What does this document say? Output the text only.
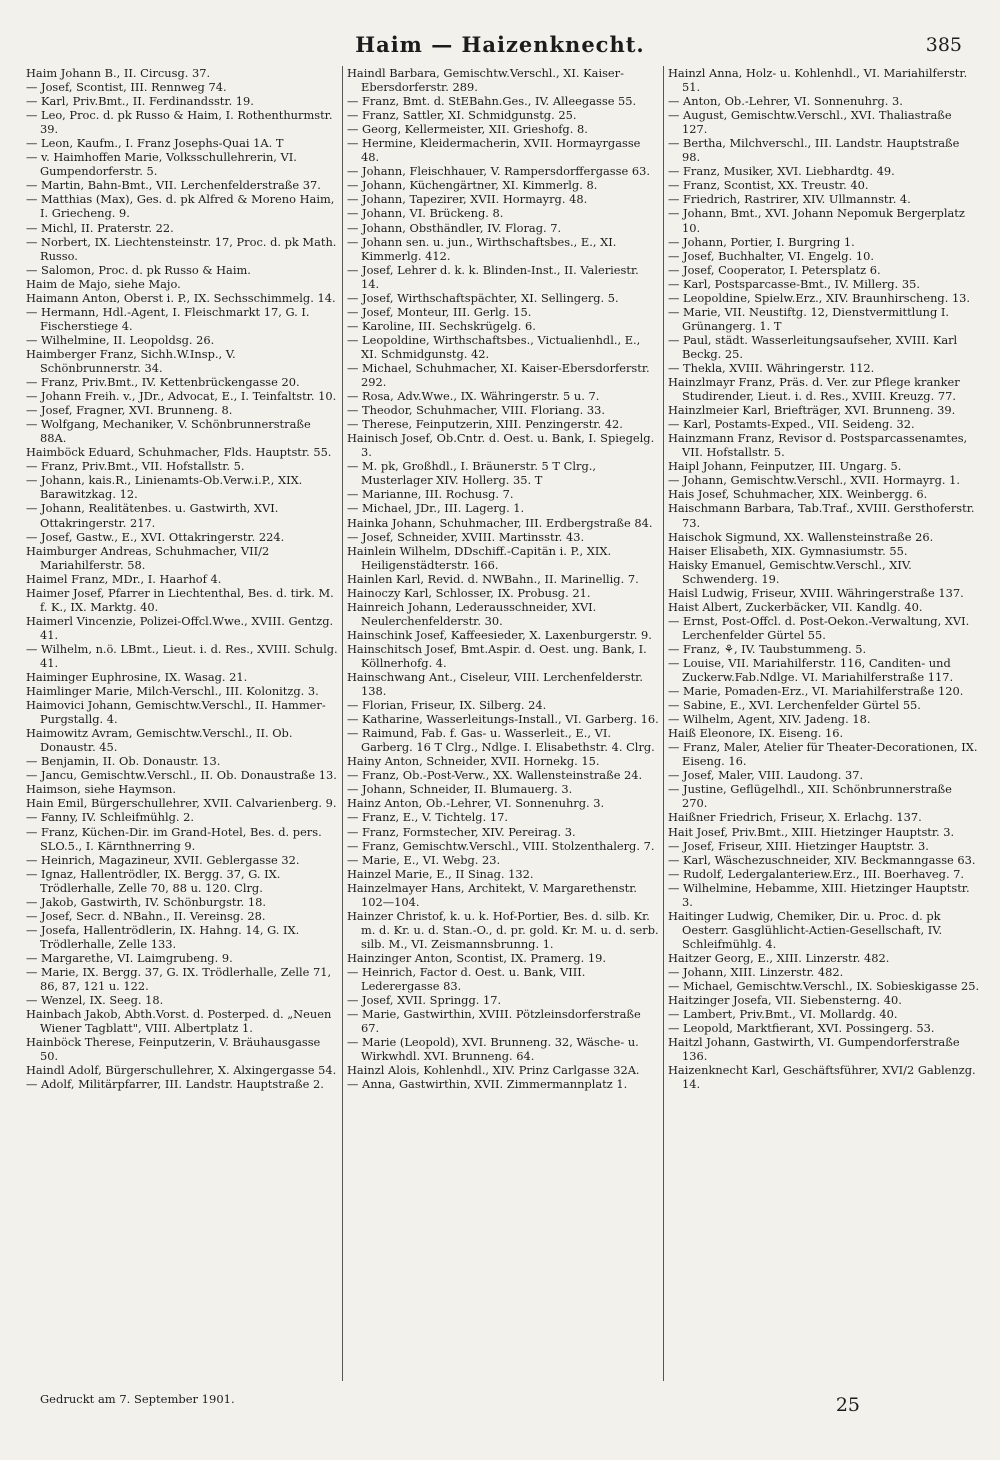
Haim — Haizenknecht.	385

Haim Johann B., II. Circusg. 37.

— Josef, Scontist, III. Rennweg 74.

— Karl, Priv.Bmt., II. Ferdinandsstr. 19.

— Leo, Proc. d. pk Russo & Haim, I. Rothenthurmstr. 39.

— Leon, Kaufm., I. Franz Josephs-Quai 1A. T

— v. Haimhoffen Marie, Volksschullehrerin, VI. Gumpendorferstr. 5.

— Martin, Bahn-Bmt., VII. Lerchenfelderstraße 37.

— Matthias (Max), Ges. d. pk Alfred & Moreno Haim, I. Griecheng. 9.

— Michl, II. Praterstr. 22.

— Norbert, IX. Liechtensteinstr. 17, Proc. d. pk Math. Russo.

— Salomon, Proc. d. pk Russo & Haim.

Haim de Majo, siehe Majo.

Haimann Anton, Oberst i. P., IX. Sechsschimmelg. 14.

— Hermann, Hdl.-Agent, I. Fleischmarkt 17, G. I. Fischerstiege 4.

— Wilhelmine, II. Leopoldsg. 26.

Haimberger Franz, Sichh.W.Insp., V. Schönbrunnerstr. 34.

— Franz, Priv.Bmt., IV. Kettenbrückengasse 20.

— Johann Freih. v., JDr., Advocat, E., I. Teinfaltstr. 10.

— Josef, Fragner, XVI. Brunneng. 8.

— Wolfgang, Mechaniker, V. Schönbrunnerstraße 88A.

Haimböck Eduard, Schuhmacher, Flds. Hauptstr. 55.

— Franz, Priv.Bmt., VII. Hofstallstr. 5.

— Johann, kais.R., Linienamts-Ob.Verw.i.P., XIX. Barawitzkag. 12.

— Johann, Realitätenbes. u. Gastwirth, XVI. Ottakringerstr. 217.

— Josef, Gastw., E., XVI. Ottakringerstr. 224.

Haimburger Andreas, Schuhmacher, VII/2 Mariahilferstr. 58.

Haimel Franz, MDr., I. Haarhof 4.

Haimer Josef, Pfarrer in Liechtenthal, Bes. d. tirk. M. f. K., IX. Marktg. 40.

Haimerl Vincenzie, Polizei-Offcl.Wwe., XVIII. Gentzg. 41.

— Wilhelm, n.ö. LBmt., Lieut. i. d. Res., XVIII. Schulg. 41.

Haiminger Euphrosine, IX. Wasag. 21.

Haimlinger Marie, Milch-Verschl., III. Kolonitzg. 3.

Haimovici Johann, Gemischtw.Verschl., II. Hammer-Purgstallg. 4.

Haimowitz Avram, Gemischtw.Verschl., II. Ob. Donaustr. 45.

— Benjamin, II. Ob. Donaustr. 13.

— Jancu, Gemischtw.Verschl., II. Ob. Donaustraße 13.

Haimson, siehe Haymson.

Hain Emil, Bürgerschullehrer, XVII. Calvarienberg. 9.

— Fanny, IV. Schleifmühlg. 2.

— Franz, Küchen-Dir. im Grand-Hotel, Bes. d. pers. SLO.5., I. Kärnthnerring 9.

— Heinrich, Magazineur, XVII. Geblergasse 32.

— Ignaz, Hallentrödler, IX. Bergg. 37, G. IX. Trödlerhalle, Zelle 70, 88 u. 120. Clrg.

— Jakob, Gastwirth, IV. Schönburgstr. 18.

— Josef, Secr. d. NBahn., II. Vereinsg. 28.

— Josefa, Hallentrödlerin, IX. Hahng. 14, G. IX. Trödlerhalle, Zelle 133.

— Margarethe, VI. Laimgrubeng. 9.

— Marie, IX. Bergg. 37, G. IX. Trödlerhalle, Zelle 71, 86, 87, 121 u. 122.

— Wenzel, IX. Seeg. 18.

Hainbach Jakob, Abth.Vorst. d. Posterped. d. „Neuen Wiener Tagblatt", VIII. Albertplatz 1.

Hainböck Therese, Feinputzerin, V. Bräuhausgasse 50.

Haindl Adolf, Bürgerschullehrer, X. Alxingergasse 54.

— Adolf, Militärpfarrer, III. Landstr. Hauptstraße 2.

Haindl Barbara, Gemischtw.Verschl., XI. Kaiser-Ebersdorferstr. 289.

— Franz, Bmt. d. StEBahn.Ges., IV. Alleegasse 55.

— Franz, Sattler, XI. Schmidgunstg. 25.

— Georg, Kellermeister, XII. Grieshofg. 8.

— Hermine, Kleidermacherin, XVII. Hormayrgasse 48.

— Johann, Fleischhauer, V. Rampersdorffergasse 63.

— Johann, Küchengärtner, XI. Kimmerlg. 8.

— Johann, Tapezirer, XVII. Hormayrg. 48.

— Johann, VI. Brückeng. 8.

— Johann, Obsthändler, IV. Florag. 7.

— Johann sen. u. jun., Wirthschaftsbes., E., XI. Kimmerlg. 412.

— Josef, Lehrer d. k. k. Blinden-Inst., II. Valeriestr. 14.

— Josef, Wirthschaftspächter, XI. Sellingerg. 5.

— Josef, Monteur, III. Gerlg. 15.

— Karoline, III. Sechskrügelg. 6.

— Leopoldine, Wirthschaftsbes., Victualienhdl., E., XI. Schmidgunstg. 42.

— Michael, Schuhmacher, XI. Kaiser-Ebersdorferstr. 292.

— Rosa, Adv.Wwe., IX. Währingerstr. 5 u. 7.

— Theodor, Schuhmacher, VIII. Floriang. 33.

— Therese, Feinputzerin, XIII. Penzingerstr. 42.

Hainisch Josef, Ob.Cntr. d. Oest. u. Bank, I. Spiegelg. 3.

— M. pk, Großhdl., I. Bräunerstr. 5 T Clrg., Musterlager XIV. Hollerg. 35. T

— Marianne, III. Rochusg. 7.

— Michael, JDr., III. Lagerg. 1.

Hainka Johann, Schuhmacher, III. Erdbergstraße 84.

— Josef, Schneider, XVIII. Martinsstr. 43.

Hainlein Wilhelm, DDschiff.-Capitän i. P., XIX. Heiligenstädterstr. 166.

Hainlen Karl, Revid. d. NWBahn., II. Marinellig. 7.

Hainoczy Karl, Schlosser, IX. Probusg. 21.

Hainreich Johann, Lederausschneider, XVI. Neulerchenfelderstr. 30.

Hainschink Josef, Kaffeesieder, X. Laxenburgerstr. 9.

Hainschitsch Josef, Bmt.Aspir. d. Oest. ung. Bank, I. Köllnerhofg. 4.

Hainschwang Ant., Ciseleur, VIII. Lerchenfelderstr. 138.

— Florian, Friseur, IX. Silberg. 24.

— Katharine, Wasserleitungs-Install., VI. Garberg. 16.

— Raimund, Fab. f. Gas- u. Wasserleit., E., VI. Garberg. 16 T Clrg., Ndlge. I. Elisabethstr. 4. Clrg.

Hainy Anton, Schneider, XVII. Hornekg. 15.

— Franz, Ob.-Post-Verw., XX. Wallensteinstraße 24.

— Johann, Schneider, II. Blumauerg. 3.

Hainz Anton, Ob.-Lehrer, VI. Sonnenuhrg. 3.

— Franz, E., V. Tichtelg. 17.

— Franz, Formstecher, XIV. Pereirag. 3.

— Franz, Gemischtw.Verschl., VIII. Stolzenthalerg. 7.

— Marie, E., VI. Webg. 23.

Hainzel Marie, E., II Sinag. 132.

Hainzelmayer Hans, Architekt, V. Margarethenstr. 102—104.

Hainzer Christof, k. u. k. Hof-Portier, Bes. d. silb. Kr. m. d. Kr. u. d. Stan.-O., d. pr. gold. Kr. M. u. d. serb. silb. M., VI. Zeismannsbrunng. 1.

Hainzinger Anton, Scontist, IX. Pramerg. 19.

— Heinrich, Factor d. Oest. u. Bank, VIII. Lederergasse 83.

— Josef, XVII. Springg. 17.

— Marie, Gastwirthin, XVIII. Pötzleinsdorferstraße 67.

— Marie (Leopold), XVI. Brunneng. 32, Wäsche- u. Wirkwhdl. XVI. Brunneng. 64.

Hainzl Alois, Kohlenhdl., XIV. Prinz Carlgasse 32A.

— Anna, Gastwirthin, XVII. Zimmermannplatz 1.

Hainzl Anna, Holz- u. Kohlenhdl., VI. Mariahilferstr. 51.

— Anton, Ob.-Lehrer, VI. Sonnenuhrg. 3.

— August, Gemischtw.Verschl., XVI. Thaliastraße 127.

— Bertha, Milchverschl., III. Landstr. Hauptstraße 98.

— Franz, Musiker, XVI. Liebhardtg. 49.

— Franz, Scontist, XX. Treustr. 40.

— Friedrich, Rastrirer, XIV. Ullmannstr. 4.

— Johann, Bmt., XVI. Johann Nepomuk Bergerplatz 10.

— Johann, Portier, I. Burgring 1.

— Josef, Buchhalter, VI. Engelg. 10.

— Josef, Cooperator, I. Petersplatz 6.

— Karl, Postsparcasse-Bmt., IV. Millerg. 35.

— Leopoldine, Spielw.Erz., XIV. Braunhirscheng. 13.

— Marie, VII. Neustiftg. 12, Dienstvermittlung I. Grünangerg. 1. T

— Paul, städt. Wasserleitungsaufseher, XVIII. Karl Beckg. 25.

— Thekla, XVIII. Währingerstr. 112.

Hainzlmayr Franz, Präs. d. Ver. zur Pflege kranker Studirender, Lieut. i. d. Res., XVIII. Kreuzg. 77.

Hainzlmeier Karl, Briefträger, XVI. Brunneng. 39.

— Karl, Postamts-Exped., VII. Seideng. 32.

Hainzmann Franz, Revisor d. Postsparcassenamtes, VII. Hofstallstr. 5.

Haipl Johann, Feinputzer, III. Ungarg. 5.

— Johann, Gemischtw.Verschl., XVII. Hormayrg. 1.

Hais Josef, Schuhmacher, XIX. Weinbergg. 6.

Haischmann Barbara, Tab.Traf., XVIII. Gersthoferstr. 73.

Haischok Sigmund, XX. Wallensteinstraße 26.

Haiser Elisabeth, XIX. Gymnasiumstr. 55.

Haisky Emanuel, Gemischtw.Verschl., XIV. Schwenderg. 19.

Haisl Ludwig, Friseur, XVIII. Währingerstraße 137.

Haist Albert, Zuckerbäcker, VII. Kandlg. 40.

— Ernst, Post-Offcl. d. Post-Oekon.-Verwaltung, XVI. Lerchenfelder Gürtel 55.

— Franz, ⚘, IV. Taubstummeng. 5.

— Louise, VII. Mariahilferstr. 116, Canditen- und Zuckerw.Fab.Ndlge. VI. Mariahilferstraße 117.

— Marie, Pomaden-Erz., VI. Mariahilferstraße 120.

— Sabine, E., XVI. Lerchenfelder Gürtel 55.

— Wilhelm, Agent, XIV. Jadeng. 18.

Haiß Eleonore, IX. Eiseng. 16.

— Franz, Maler, Atelier für Theater-Decorationen, IX. Eiseng. 16.

— Josef, Maler, VIII. Laudong. 37.

— Justine, Geflügelhdl., XII. Schönbrunnerstraße 270.

Haißner Friedrich, Friseur, X. Erlachg. 137.

Hait Josef, Priv.Bmt., XIII. Hietzinger Hauptstr. 3.

— Josef, Friseur, XIII. Hietzinger Hauptstr. 3.

— Karl, Wäschezuschneider, XIV. Beckmanngasse 63.

— Rudolf, Ledergalanteriew.Erz., III. Boerhaveg. 7.

— Wilhelmine, Hebamme, XIII. Hietzinger Hauptstr. 3.

Haitinger Ludwig, Chemiker, Dir. u. Proc. d. pk Oesterr. Gasglühlicht-Actien-Gesellschaft, IV. Schleifmühlg. 4.

Haitzer Georg, E., XIII. Linzerstr. 482.

— Johann, XIII. Linzerstr. 482.

— Michael, Gemischtw.Verschl., IX. Sobieskigasse 25.

Haitzinger Josefa, VII. Siebensterng. 40.

— Lambert, Priv.Bmt., VI. Mollardg. 40.

— Leopold, Marktfierant, XVI. Possingerg. 53.

Haitzl Johann, Gastwirth, VI. Gumpendorferstraße 136.

Haizenknecht Karl, Geschäftsführer, XVI/2 Gablenzg. 14.

Gedruckt am 7. September 1901.	25
